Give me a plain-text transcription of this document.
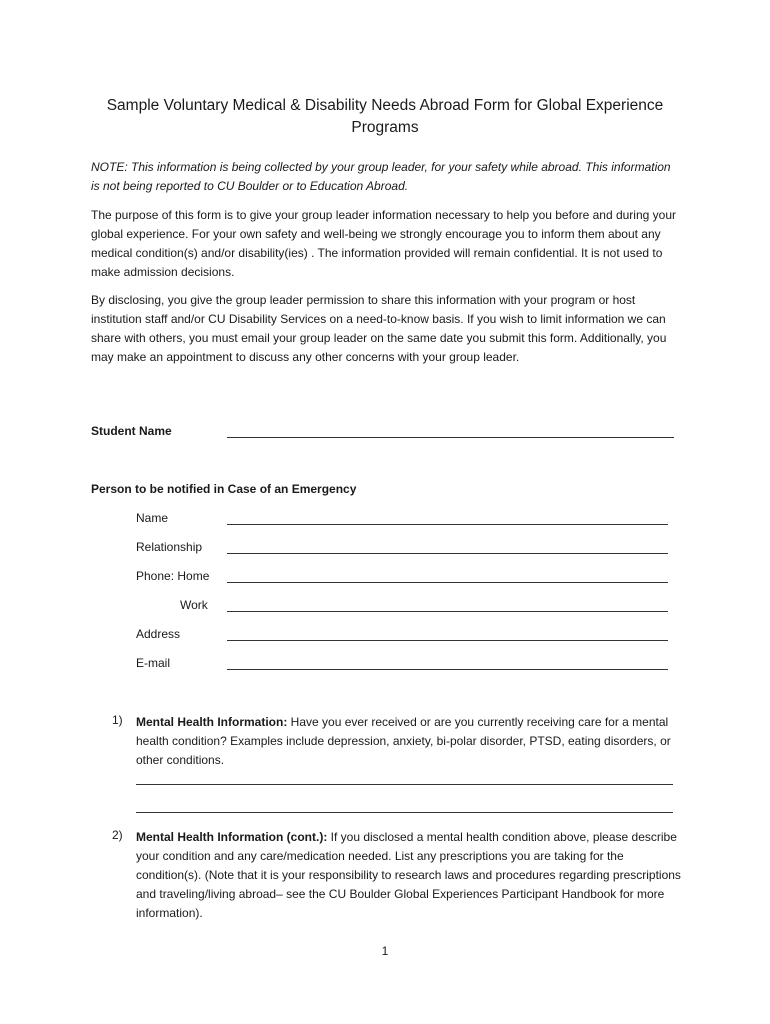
Sample Voluntary Medical & Disability Needs Abroad Form for Global Experience Programs
NOTE: This information is being collected by your group leader, for your safety while abroad. This information is not being reported to CU Boulder or to Education Abroad.
The purpose of this form is to give your group leader information necessary to help you before and during your global experience. For your own safety and well-being we strongly encourage you to inform them about any medical condition(s) and/or disability(ies) . The information provided will remain confidential. It is not used to make admission decisions.
By disclosing, you give the group leader permission to share this information with your program or host institution staff and/or CU Disability Services on a need-to-know basis. If you wish to limit information we can share with others, you must email your group leader on the same date you submit this form. Additionally, you may make an appointment to discuss any other concerns with your group leader.
Student Name
Person to be notified in Case of an Emergency
Name
Relationship
Phone: Home
Work
Address
E-mail
1) Mental Health Information: Have you ever received or are you currently receiving care for a mental health condition? Examples include depression, anxiety, bi-polar disorder, PTSD, eating disorders, or other conditions.
2) Mental Health Information (cont.): If you disclosed a mental health condition above, please describe your condition and any care/medication needed. List any prescriptions you are taking for the condition(s). (Note that it is your responsibility to research laws and procedures regarding prescriptions and traveling/living abroad– see the CU Boulder Global Experiences Participant Handbook for more information).
1
